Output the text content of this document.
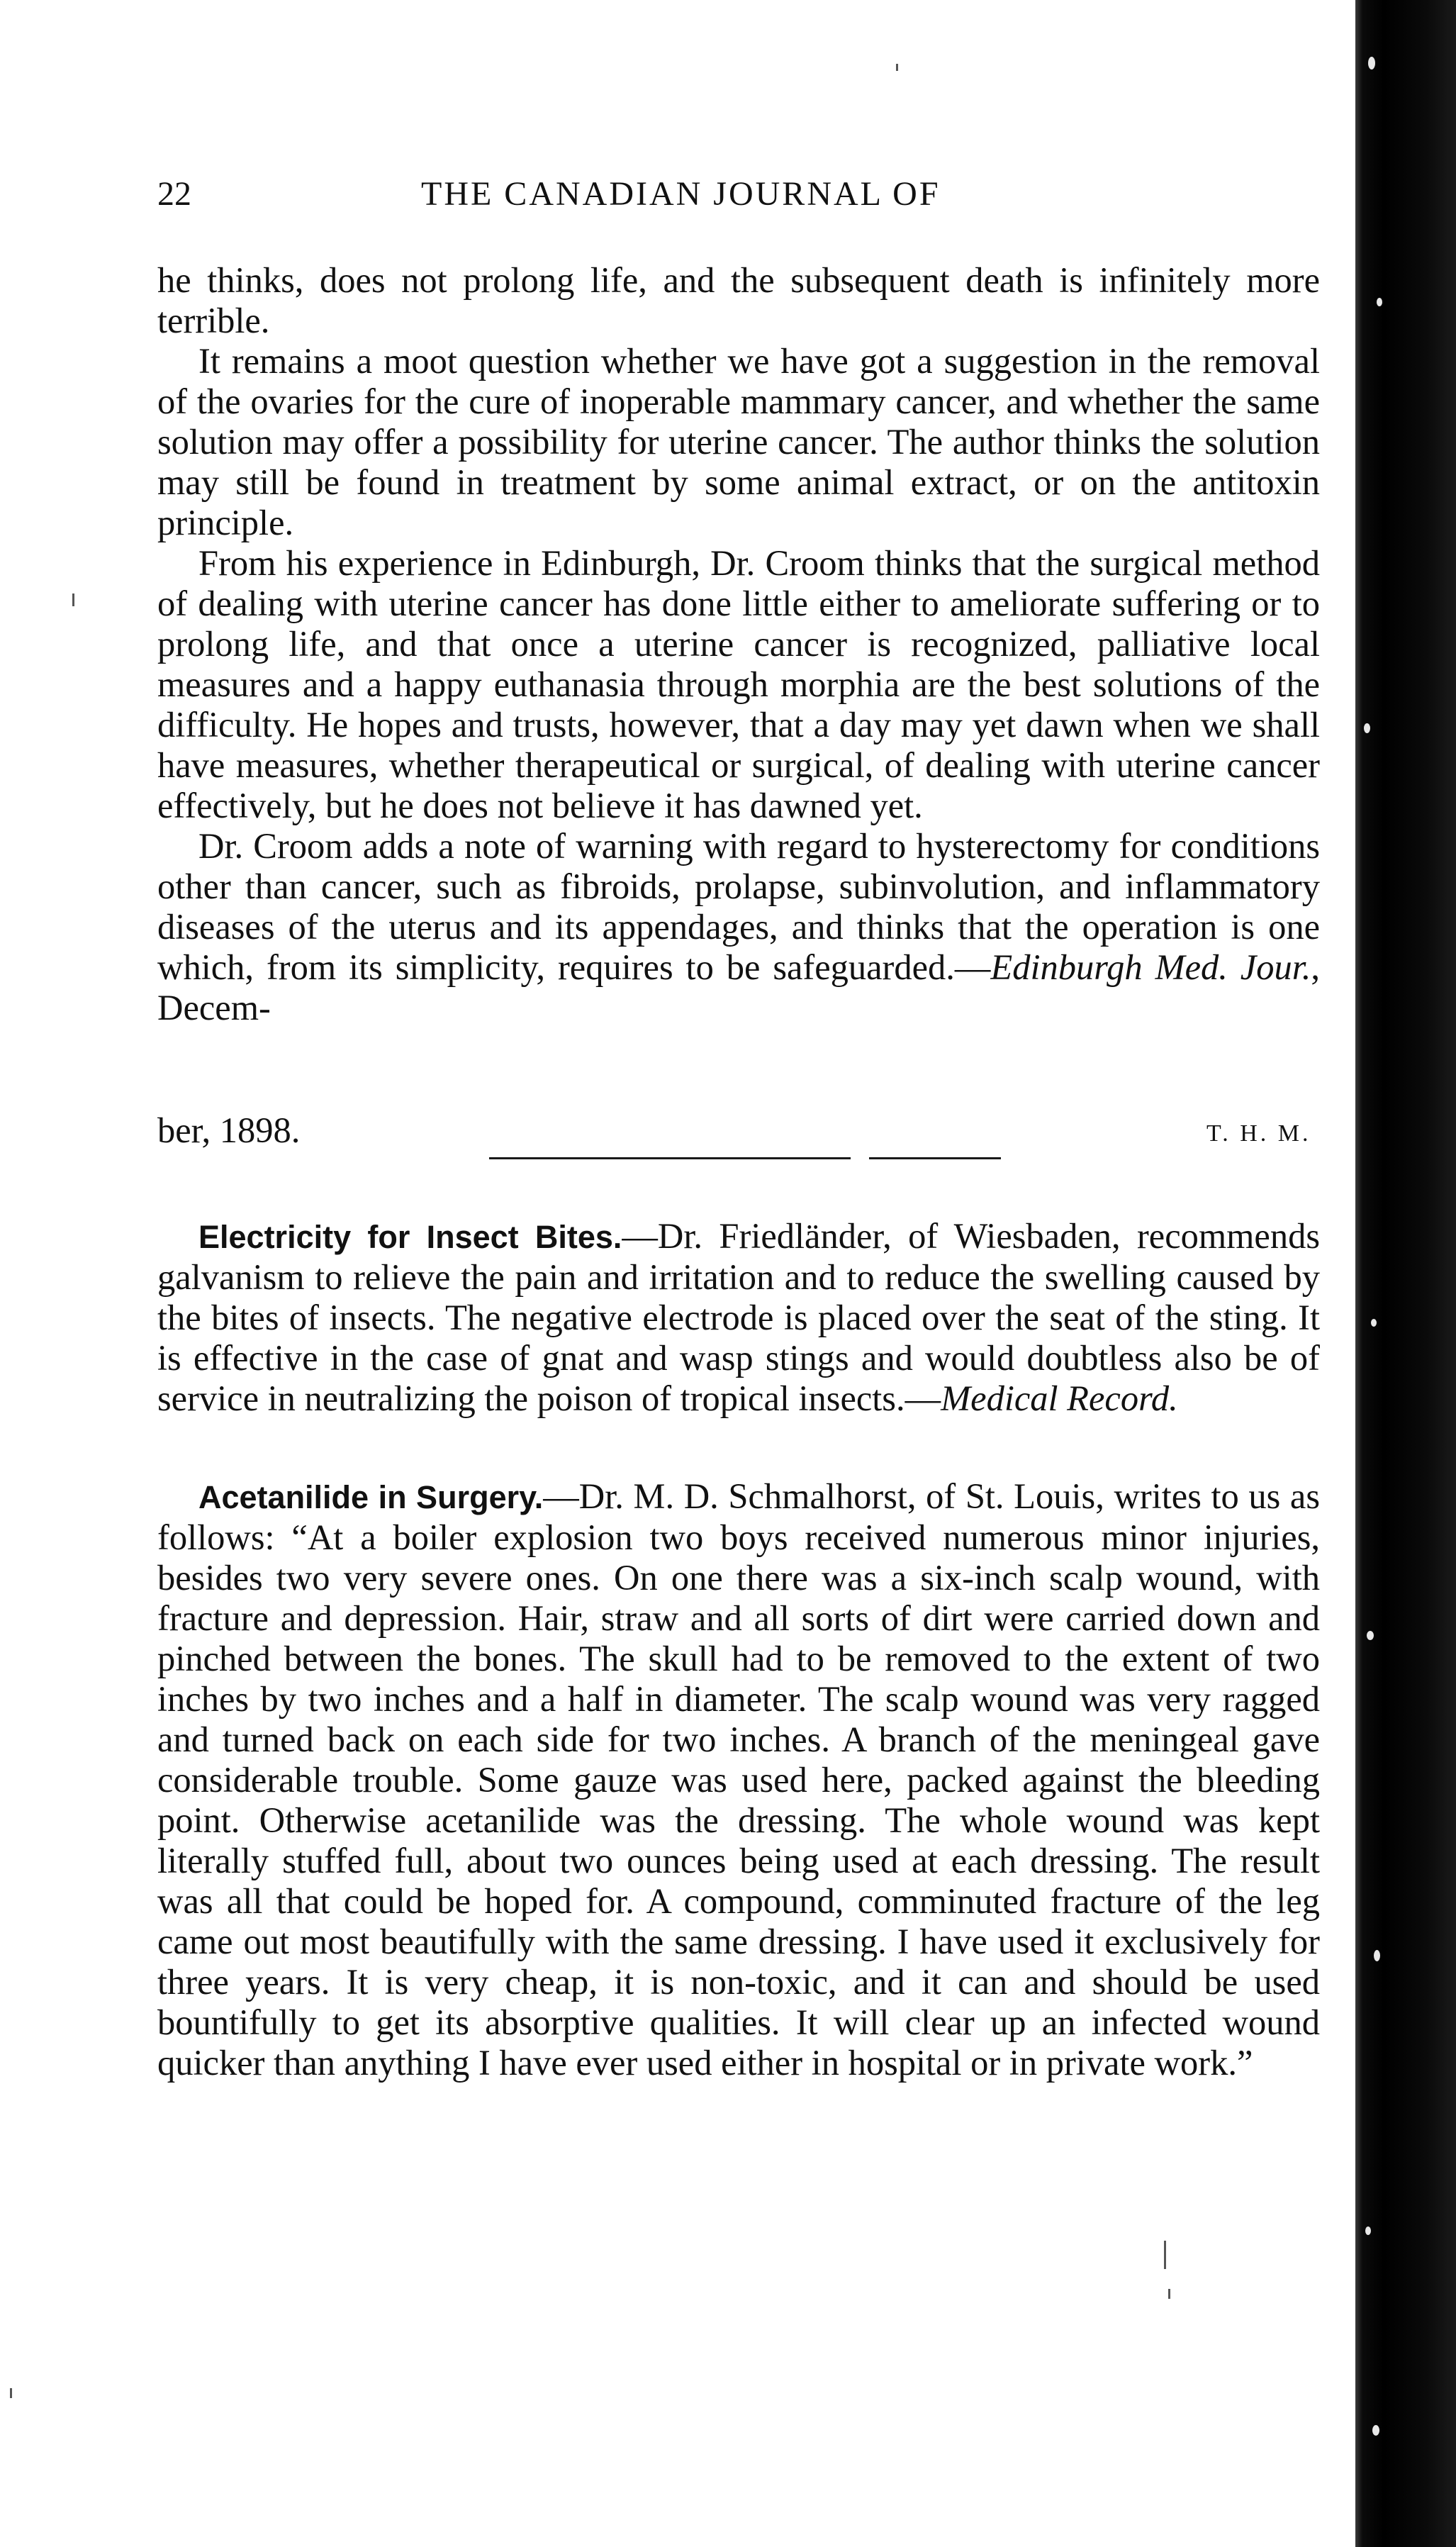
22	THE CANADIAN JOURNAL OF

he thinks, does not prolong life, and the subsequent death is infinitely more terrible.

It remains a moot question whether we have got a suggestion in the removal of the ovaries for the cure of inoperable mammary cancer, and whether the same solution may offer a possibility for uterine cancer. The author thinks the solution may still be found in treatment by some animal extract, or on the antitoxin principle.

From his experience in Edinburgh, Dr. Croom thinks that the surgical method of dealing with uterine cancer has done little either to ameliorate suffering or to prolong life, and that once a uterine cancer is recognized, palliative local measures and a happy euthanasia through morphia are the best solutions of the difficulty. He hopes and trusts, however, that a day may yet dawn when we shall have measures, whether therapeutical or surgical, of dealing with uterine cancer effectively, but he does not believe it has dawned yet.

Dr. Croom adds a note of warning with regard to hysterectomy for conditions other than cancer, such as fibroids, prolapse, subinvolution, and inflammatory diseases of the uterus and its appendages, and thinks that the operation is one which, from its simplicity, requires to be safeguarded.—Edinburgh Med. Jour., Decem-

ber, 1898.	T. H. M.

Electricity for Insect Bites.—Dr. Friedländer, of Wiesbaden, recommends galvanism to relieve the pain and irritation and to reduce the swelling caused by the bites of insects. The negative electrode is placed over the seat of the sting. It is effective in the case of gnat and wasp stings and would doubtless also be of service in neutralizing the poison of tropical insects.—Medical Record.

Acetanilide in Surgery.—Dr. M. D. Schmalhorst, of St. Louis, writes to us as follows: “At a boiler explosion two boys received numerous minor injuries, besides two very severe ones. On one there was a six-inch scalp wound, with fracture and depression. Hair, straw and all sorts of dirt were carried down and pinched between the bones. The skull had to be removed to the extent of two inches by two inches and a half in diameter. The scalp wound was very ragged and turned back on each side for two inches. A branch of the meningeal gave considerable trouble. Some gauze was used here, packed against the bleeding point. Otherwise acetanilide was the dressing. The whole wound was kept literally stuffed full, about two ounces being used at each dressing. The result was all that could be hoped for. A compound, comminuted fracture of the leg came out most beautifully with the same dressing. I have used it exclusively for three years. It is very cheap, it is non-toxic, and it can and should be used bountifully to get its absorptive qualities. It will clear up an infected wound quicker than anything I have ever used either in hospital or in private work.”
